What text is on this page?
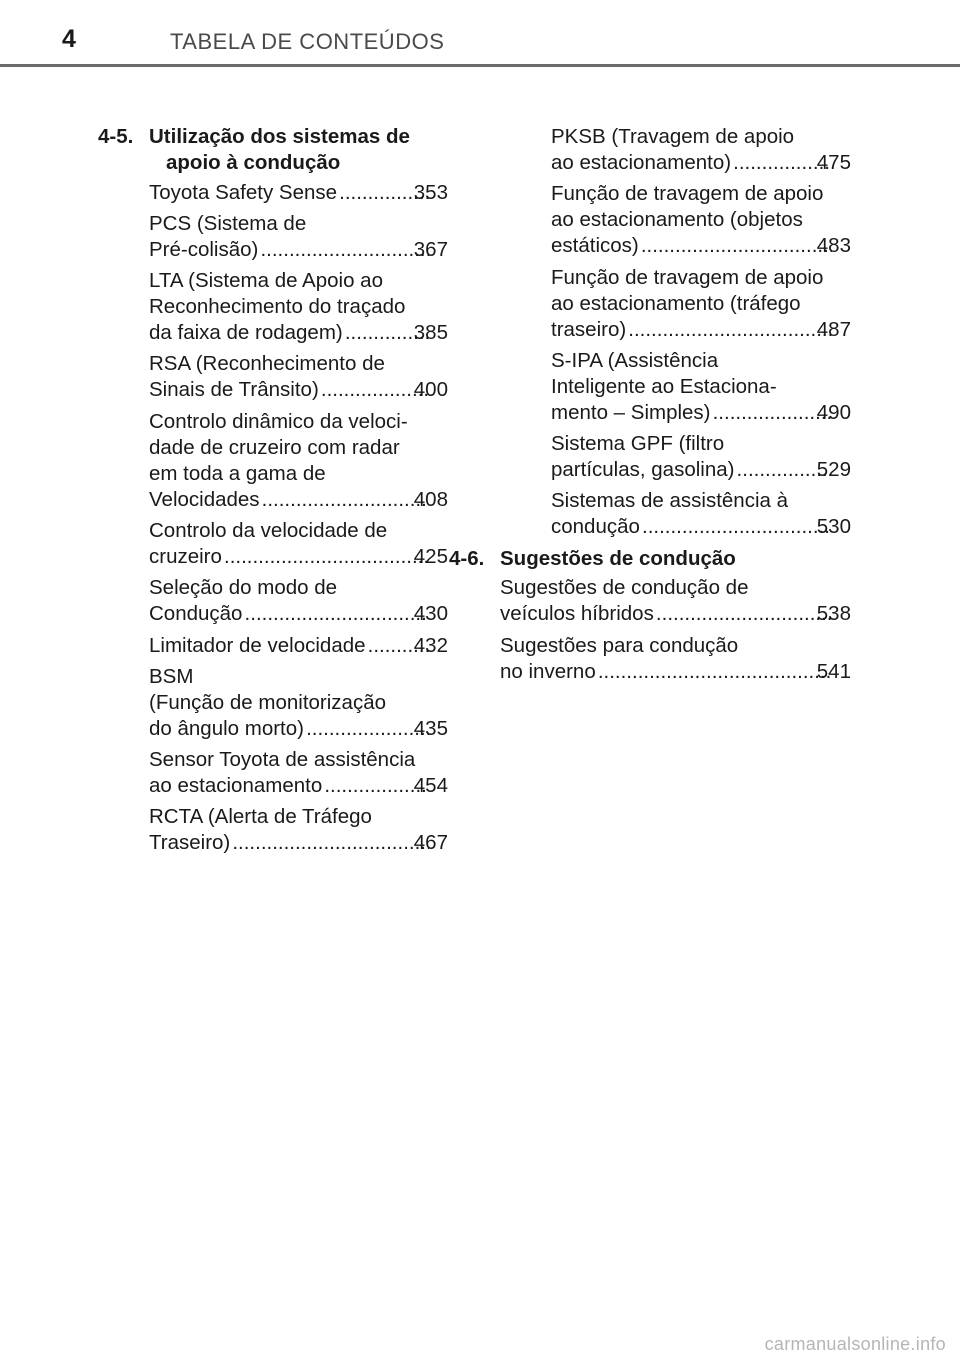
4	TABELA DE CONTEÚDOS
4-5. Utilização dos sistemas de apoio à condução
Toyota Safety Sense .....	353
PCS (Sistema de
Pré-colisão) .....	367
LTA (Sistema de Apoio ao
Reconhecimento do traçado
da faixa de rodagem) .....	385
RSA (Reconhecimento de
Sinais de Trânsito) .....	400
Controlo dinâmico da veloci-
dade de cruzeiro com radar
em toda a gama de
Velocidades .....	408
Controlo da velocidade de
cruzeiro .....	425
Seleção do modo de
Condução .....	430
Limitador de velocidade ..... 432
BSM
(Função de monitorização
do ângulo morto) .....	435
Sensor Toyota de assistência
ao estacionamento .....	454
RCTA (Alerta de Tráfego
Traseiro) .....	467
PKSB (Travagem de apoio
ao estacionamento) .....	475
Função de travagem de apoio
ao estacionamento (objetos
estáticos) .....	483
Função de travagem de apoio
ao estacionamento (tráfego
traseiro) .....	487
S-IPA (Assistência
Inteligente ao Estaciona-
mento – Simples) .....	490
Sistema GPF (filtro
partículas, gasolina) .....	529
Sistemas de assistência à
condução .....	530
4-6. Sugestões de condução
Sugestões de condução de
veículos híbridos .....	538
Sugestões para condução
no inverno .....	541
carmanualsonline.info
